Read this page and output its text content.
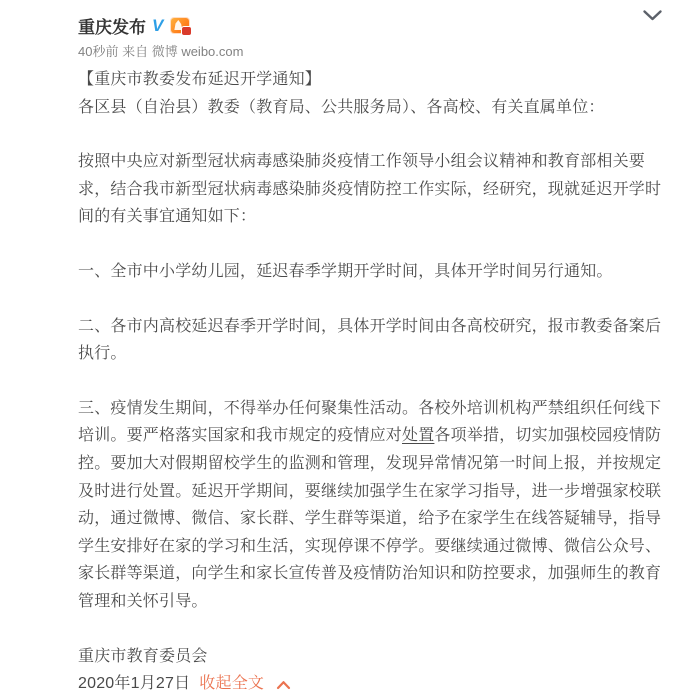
重庆发布 V
40秒前 来自 微博 weibo.com

【重庆市教委发布延迟开学通知】

各区县（自治县）教委（教育局、公共服务局）、各高校、有关直属单位：

按照中央应对新型冠状病毒感染肺炎疫情工作领导小组会议精神和教育部相关要求，结合我市新型冠状病毒感染肺炎疫情防控工作实际，经研究，现就延迟开学时间的有关事宜通知如下：

一、全市中小学幼儿园，延迟春季学期开学时间，具体开学时间另行通知。

二、各市内高校延迟春季开学时间，具体开学时间由各高校研究，报市教委备案后执行。

三、疫情发生期间，不得举办任何聚集性活动。各校外培训机构严禁组织任何线下培训。要严格落实国家和我市规定的疫情应对处置各项举措，切实加强校园疫情防控。要加大对假期留校学生的监测和管理，发现异常情况第一时间上报，并按规定及时进行处置。延迟开学期间，要继续加强学生在家学习指导，进一步增强家校联动，通过微博、微信、家长群、学生群等渠道，给予在家学生在线答疑辅导，指导学生安排好在家的学习和生活，实现停课不停学。要继续通过微博、微信公众号、家长群等渠道，向学生和家长宣传普及疫情防治知识和防控要求，加强师生的教育管理和关怀引导。

重庆市教育委员会

2020年1月27日 收起全文
